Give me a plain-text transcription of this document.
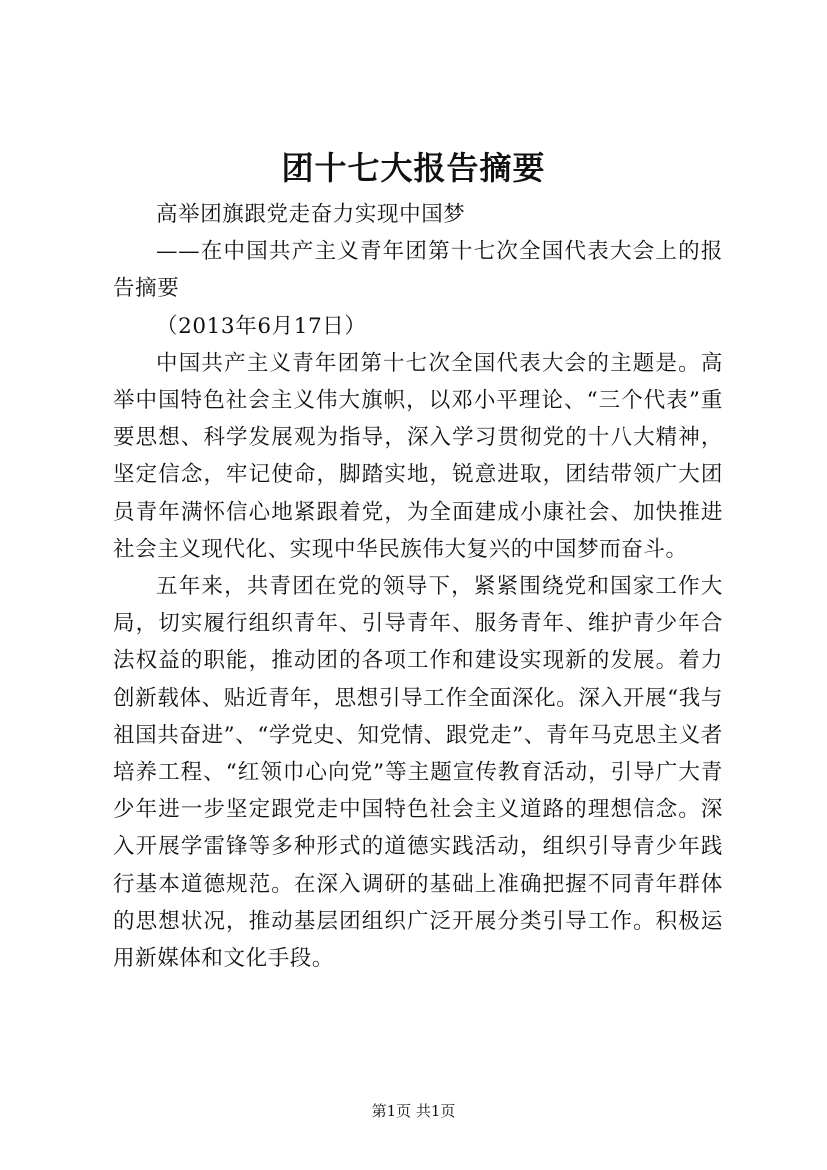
团十七大报告摘要

高举团旗跟党走奋力实现中国梦

——在中国共产主义青年团第十七次全国代表大会上的报告摘要

（2013年6月17日）

中国共产主义青年团第十七次全国代表大会的主题是。高举中国特色社会主义伟大旗帜，以邓小平理论、“三个代表”重要思想、科学发展观为指导，深入学习贯彻党的十八大精神，坚定信念，牢记使命，脚踏实地，锐意进取，团结带领广大团员青年满怀信心地紧跟着党，为全面建成小康社会、加快推进社会主义现代化、实现中华民族伟大复兴的中国梦而奋斗。

五年来，共青团在党的领导下，紧紧围绕党和国家工作大局，切实履行组织青年、引导青年、服务青年、维护青少年合法权益的职能，推动团的各项工作和建设实现新的发展。着力创新载体、贴近青年，思想引导工作全面深化。深入开展“我与祖国共奋进”、“学党史、知党情、跟党走”、青年马克思主义者培养工程、“红领巾心向党”等主题宣传教育活动，引导广大青少年进一步坚定跟党走中国特色社会主义道路的理想信念。深入开展学雷锋等多种形式的道德实践活动，组织引导青少年践行基本道德规范。在深入调研的基础上准确把握不同青年群体的思想状况，推动基层团组织广泛开展分类引导工作。积极运用新媒体和文化手段。

第1页 共1页
